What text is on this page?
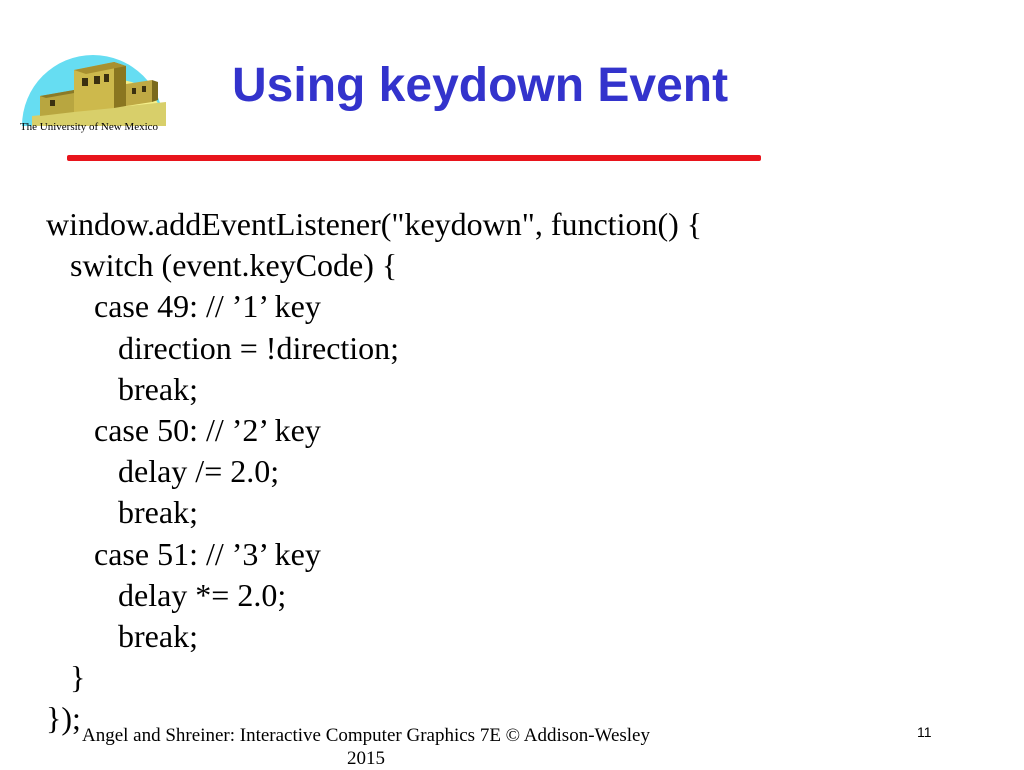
The University of New Mexico
Using keydown Event
window.addEventListener("keydown", function() {
switch (event.keyCode) {
case 49: // ’1’ key
direction = !direction;
break;
case 50: // ’2’ key
delay /= 2.0;
break;
case 51: // ’3’ key
delay *= 2.0;
break;
}
}); Angel and Shreiner: Interactive Computer Graphics 7E © Addison-Wesley
2015
11
